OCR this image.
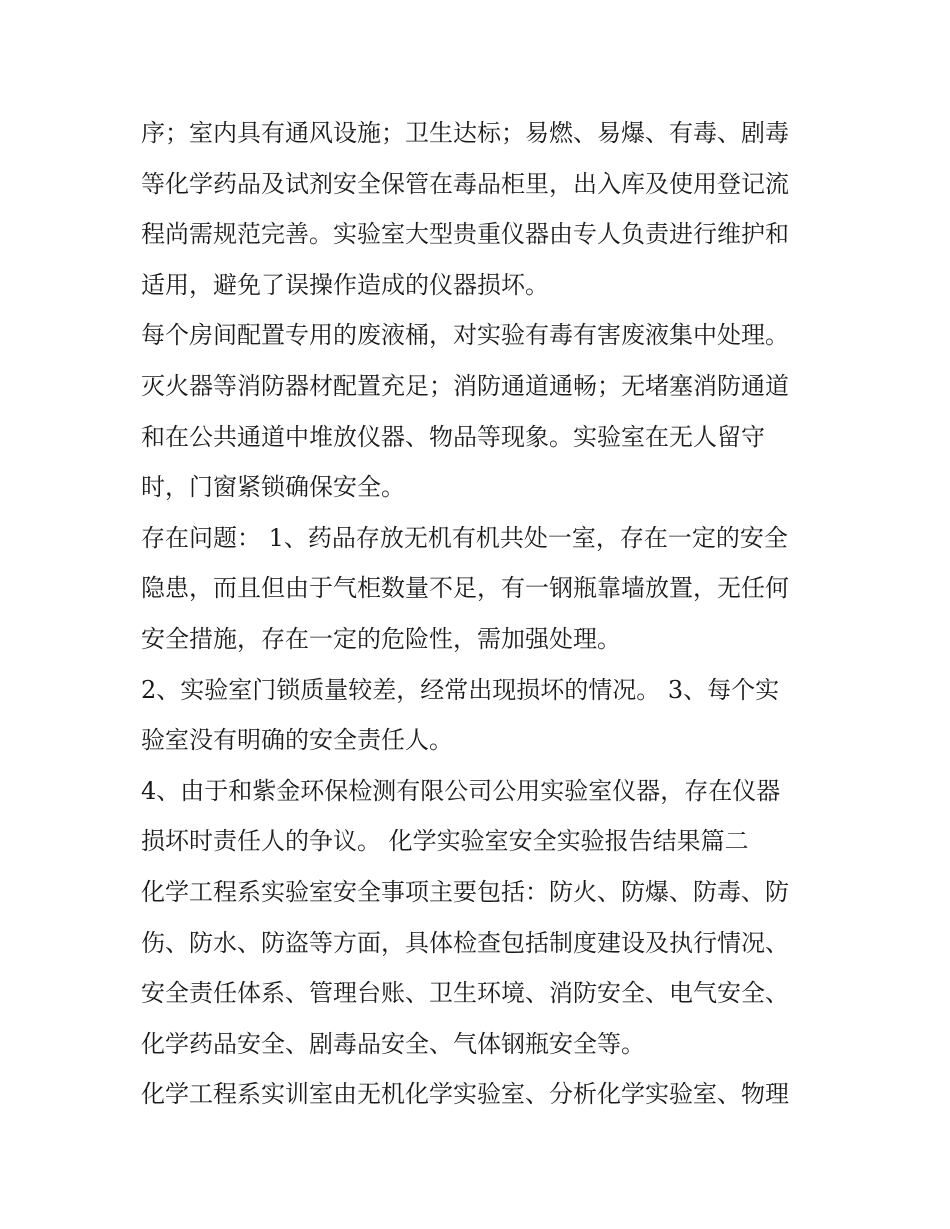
序；室内具有通风设施；卫生达标；易燃、易爆、有毒、剧毒
等化学药品及试剂安全保管在毒品柜里，出入库及使用登记流
程尚需规范完善。实验室大型贵重仪器由专人负责进行维护和
适用，避免了误操作造成的仪器损坏。
每个房间配置专用的废液桶，对实验有毒有害废液集中处理。
灭火器等消防器材配置充足；消防通道通畅；无堵塞消防通道
和在公共通道中堆放仪器、物品等现象。实验室在无人留守
时，门窗紧锁确保安全。
存在问题： 1、药品存放无机有机共处一室，存在一定的安全
隐患，而且但由于气柜数量不足，有一钢瓶靠墙放置，无任何
安全措施，存在一定的危险性，需加强处理。
2、实验室门锁质量较差，经常出现损坏的情况。 3、每个实
验室没有明确的安全责任人。
4、由于和紫金环保检测有限公司公用实验室仪器，存在仪器
损坏时责任人的争议。 化学实验室安全实验报告结果篇二
化学工程系实验室安全事项主要包括：防火、防爆、防毒、防
伤、防水、防盗等方面，具体检查包括制度建设及执行情况、
安全责任体系、管理台账、卫生环境、消防安全、电气安全、
化学药品安全、剧毒品安全、气体钢瓶安全等。
化学工程系实训室由无机化学实验室、分析化学实验室、物理
